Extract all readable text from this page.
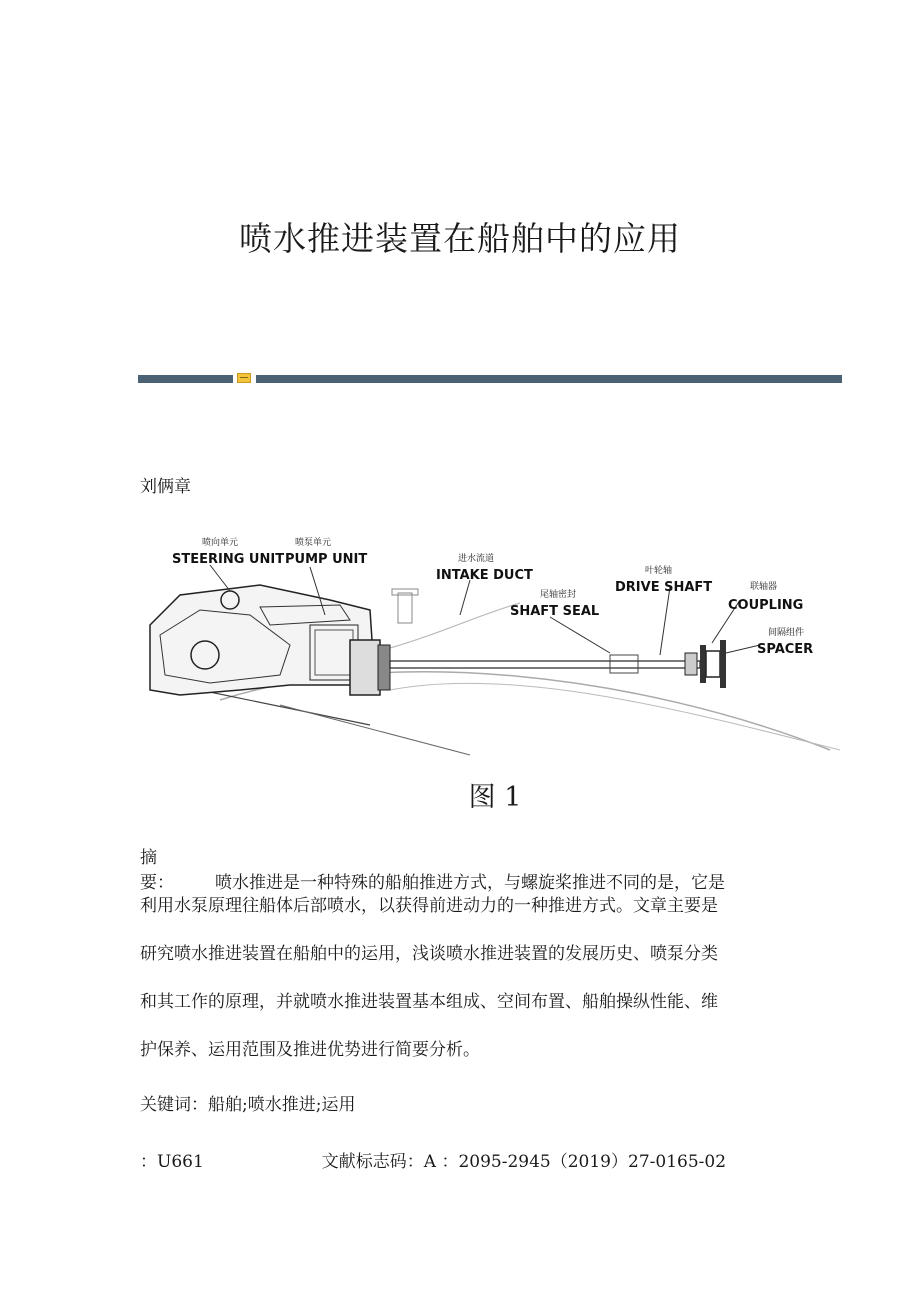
喷水推进装置在船舶中的应用
刘俩章
喷向单元
STEERING UNIT
喷泵单元
PUMP UNIT	进水流道
INTAKE DUCT
尾轴密封
SHAFT SEAL
叶轮轴
DRIVE SHAFT	联轴器
COUPLING
间隔组件
SPACER
图 1
摘　　要： 喷水推进是一种特殊的船舶推进方式，与螺旋桨推进不同的是，它是
利用水泵原理往船体后部喷水，以获得前进动力的一种推进方式。文章主要是
研究喷水推进装置在船舶中的运用，浅谈喷水推进装置的发展历史、喷泵分类
和其工作的原理，并就喷水推进装置基本组成、空间布置、船舶操纵性能、维
护保养、运用范围及推进优势进行简要分析。
关键词：船舶;喷水推进;运用
：U661	文献标志码：A ：2095-2945（2019）27-0165-02
